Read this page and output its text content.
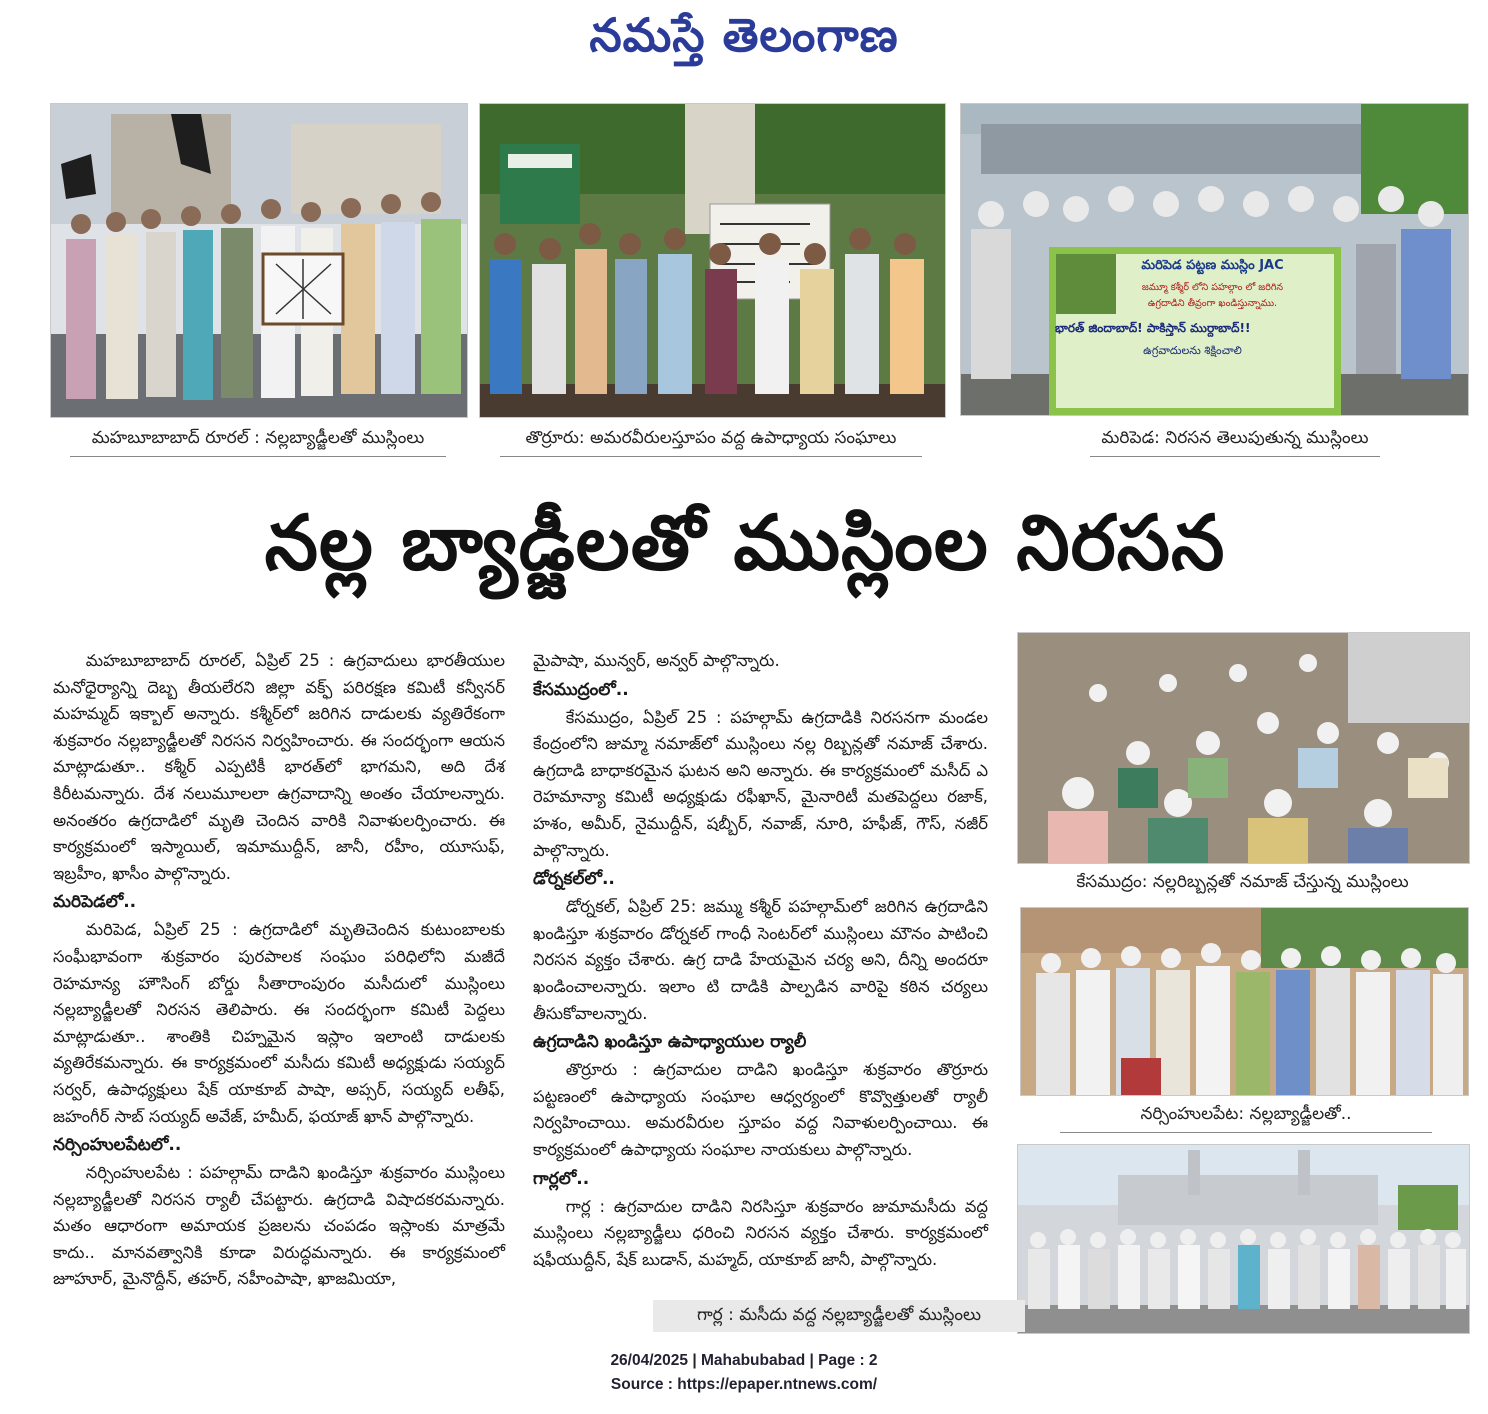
నమస్తే తెలంగాణ
మహబూబాబాద్ రూరల్ : నల్లబ్యాడ్జీలతో ముస్లింలు	తొర్రూరు: అమరవీరులస్తూపం వద్ద ఉపాధ్యాయ సంఘాలు
మరిపెడ పట్టణ ముస్లిం JAC
జమ్మూ కశ్మీర్ లోని పహల్గాం లో జరిగిన
ఉగ్రదాడిని తీవ్రంగా ఖండిస్తున్నాము.
భారత్ జిందాబాద్! పాకిస్తాన్ ముర్దాబాద్!!
ఉగ్రవాదులను శిక్షించాలి
మరిపెడ: నిరసన తెలుపుతున్న ముస్లింలు
నల్ల బ్యాడ్జీలతో ముస్లింల నిరసన

మహబూబాబాద్ రూరల్, ఏప్రిల్ 25 : ఉగ్రవాదులు భారతీయుల మనోధైర్యాన్ని దెబ్బ తీయలేరని జిల్లా వక్ఫ్ పరిరక్షణ కమిటీ కన్వీనర్ మహమ్మద్ ఇక్బాల్ అన్నారు. కశ్మీర్‌లో జరిగిన దాడులకు వ్యతిరేకంగా శుక్రవారం నల్లబ్యాడ్జీలతో నిరసన నిర్వహించారు. ఈ సందర్భంగా ఆయన మాట్లాడుతూ.. కశ్మీర్ ఎప్పటికీ భారత్‌లో భాగమని, అది దేశ కిరీటమన్నారు. దేశ నలుమూలలా ఉగ్రవాదాన్ని అంతం చేయాలన్నారు. అనంతరం ఉగ్రదాడిలో మృతి చెందిన వారికి నివాళులర్పించారు. ఈ కార్యక్రమంలో ఇస్మాయిల్, ఇమాముద్దీన్, జానీ, రహీం, యూసుఫ్, ఇబ్రహీం, ఖాసీం పాల్గొన్నారు.

మరిపెడలో..

మరిపెడ, ఏప్రిల్ 25 : ఉగ్రదాడిలో మృతిచెందిన కుటుంబాలకు సంఘీభావంగా శుక్రవారం పురపాలక సంఘం పరిధిలోని మజీదే రెహమాన్య హౌసింగ్ బోర్డు సీతారాంపురం మసీదులో ముస్లింలు నల్లబ్యాడ్జీలతో నిరసన తెలిపారు. ఈ సందర్భంగా కమిటీ పెద్దలు మాట్లాడుతూ.. శాంతికి చిహ్నమైన ఇస్లాం ఇలాంటి దాడులకు వ్యతిరేకమన్నారు. ఈ కార్యక్రమంలో మసీదు కమిటీ అధ్యక్షుడు సయ్యద్ సర్వర్, ఉపాధ్యక్షులు షేక్ యాకూబ్ పాషా, అప్సర్, సయ్యద్ లతీఫ్, జహంగీర్ సాబ్ సయ్యద్ అవేజ్, హమీద్, ఫయాజ్ ఖాన్ పాల్గొన్నారు.

నర్సింహులపేటలో..

నర్సింహులపేట : పహల్గామ్ దాడిని ఖండిస్తూ శుక్రవారం ముస్లింలు నల్లబ్యాడ్జీలతో నిరసన ర్యాలీ చేపట్టారు. ఉగ్రదాడి విషాదకరమన్నారు. మతం ఆధారంగా అమాయక ప్రజలను చంపడం ఇస్లాంకు మాత్రమే కాదు.. మానవత్వానికి కూడా విరుద్ధమన్నారు. ఈ కార్యక్రమంలో జూహూర్, మైనొద్దీన్, తహర్, నహీంపాషా, ఖాజమియా,

మైపాషా, మున్వర్, అన్వర్ పాల్గొన్నారు.

కేసముద్రంలో..

కేసముద్రం, ఏప్రిల్ 25 : పహల్గామ్ ఉగ్రదాడికి నిరసనగా మండల కేంద్రంలోని జుమ్మా నమాజ్‌లో ముస్లింలు నల్ల రిబ్బన్లతో నమాజ్ చేశారు. ఉగ్రదాడి బాధాకరమైన ఘటన అని అన్నారు. ఈ కార్యక్రమంలో మసీద్ ఎ రెహమాన్యా కమిటీ అధ్యక్షుడు రఫీఖాన్, మైనారిటీ మతపెద్దలు రజాక్, హశం, అమీర్, నైముద్దీన్, షబ్బీర్, నవాజ్, నూరి, హఫీజ్, గౌస్, నజీర్ పాల్గొన్నారు.

డోర్నకల్‌లో..

డోర్నకల్, ఏప్రిల్ 25: జమ్ము కశ్మీర్ పహల్గామ్‌లో జరిగిన ఉగ్రదాడిని ఖండిస్తూ శుక్రవారం డోర్నకల్ గాంధీ సెంటర్‌లో ముస్లింలు మౌనం పాటించి నిరసన వ్యక్తం చేశారు. ఉగ్ర దాడి హేయమైన చర్య అని, దీన్ని అందరూ ఖండించాలన్నారు. ఇలాం టి దాడికి పాల్పడిన వారిపై కఠిన చర్యలు తీసుకోవాలన్నారు.

ఉగ్రదాడిని ఖండిస్తూ ఉపాధ్యాయుల ర్యాలీ

తొర్రూరు : ఉగ్రవాదుల దాడిని ఖండిస్తూ శుక్రవారం తొర్రూరు పట్టణంలో ఉపాధ్యాయ సంఘాల ఆధ్వర్యంలో కొవ్వొత్తులతో ర్యాలీ నిర్వహించాయి. అమరవీరుల స్తూపం వద్ద నివాళులర్పించాయి. ఈ కార్యక్రమంలో ఉపాధ్యాయ సంఘాల నాయకులు పాల్గొన్నారు.

గార్లలో..

గార్ల : ఉగ్రవాదుల దాడిని నిరసిస్తూ శుక్రవారం జుమామసీదు వద్ద ముస్లింలు నల్లబ్యాడ్జీలు ధరించి నిరసన వ్యక్తం చేశారు. కార్యక్రమంలో షఫీయుద్దీన్, షేక్ బుడాన్, మహ్మద్, యాకూబ్ జానీ, పాల్గొన్నారు.

కేసముద్రం: నల్లరిబ్బన్లతో నమాజ్ చేస్తున్న ముస్లింలు
నర్సింహులపేట: నల్లబ్యాడ్జీలతో..
గార్ల : మసీదు వద్ద నల్లబ్యాడ్జీలతో ముస్లింలు
26/04/2025 | Mahabubabad | Page : 2
Source : https://epaper.ntnews.com/
